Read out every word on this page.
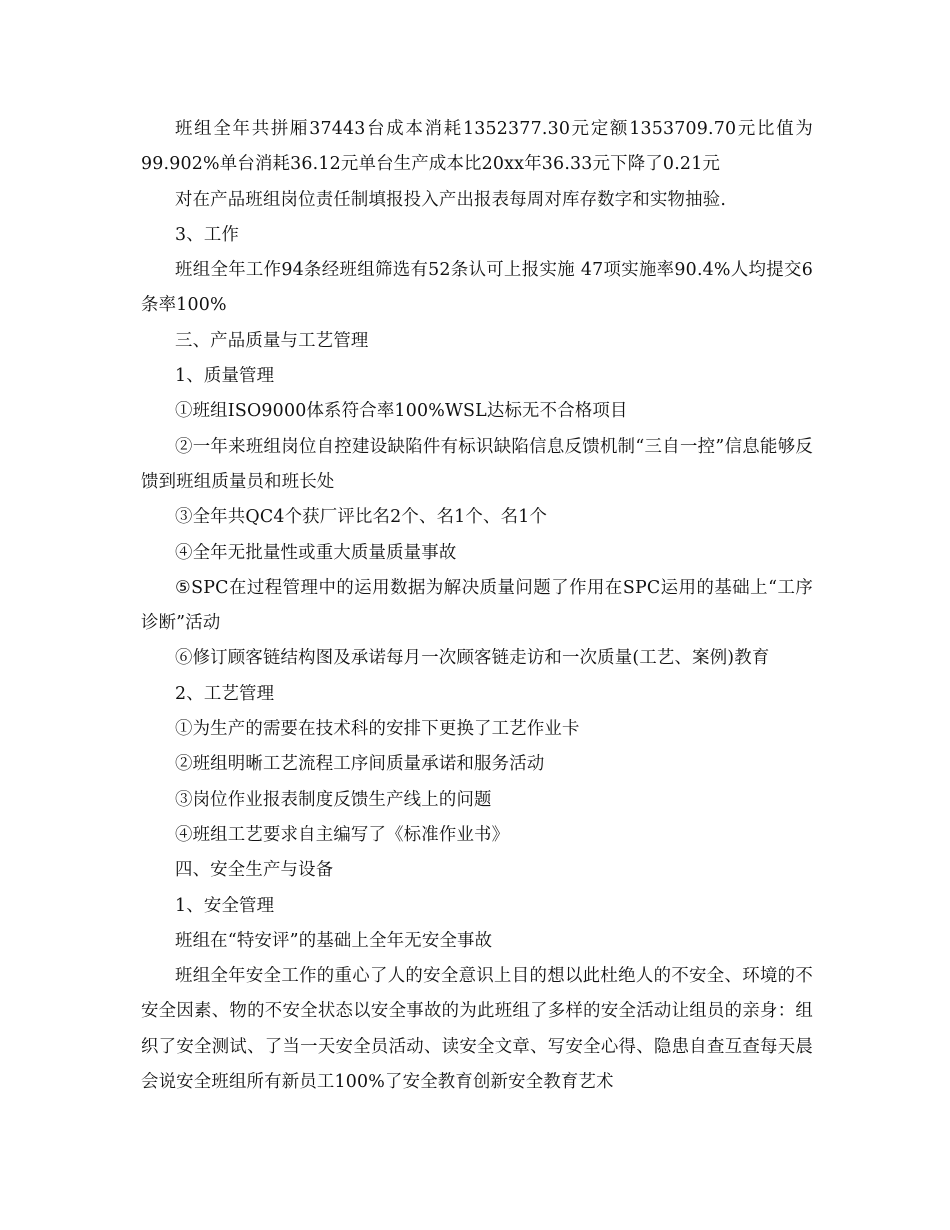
班组全年共拼厢37443台成本消耗1352377.30元定额1353709.70元比值为99.902%单台消耗36.12元单台生产成本比20xx年36.33元下降了0.21元

对在产品班组岗位责任制填报投入产出报表每周对库存数字和实物抽验.

3、工作

班组全年工作94条经班组筛选有52条认可上报实施 47项实施率90.4%人均提交6条率100%

三、产品质量与工艺管理

1、质量管理

①班组ISO9000体系符合率100%WSL达标无不合格项目

②一年来班组岗位自控建设缺陷件有标识缺陷信息反馈机制“三自一控”信息能够反馈到班组质量员和班长处

③全年共QC4个获厂评比名2个、名1个、名1个

④全年无批量性或重大质量质量事故

⑤SPC在过程管理中的运用数据为解决质量问题了作用在SPC运用的基础上“工序诊断”活动

⑥修订顾客链结构图及承诺每月一次顾客链走访和一次质量(工艺、案例)教育

2、工艺管理

①为生产的需要在技术科的安排下更换了工艺作业卡

②班组明晰工艺流程工序间质量承诺和服务活动

③岗位作业报表制度反馈生产线上的问题

④班组工艺要求自主编写了《标准作业书》

四、安全生产与设备

1、安全管理

班组在“特安评”的基础上全年无安全事故

班组全年安全工作的重心了人的安全意识上目的想以此杜绝人的不安全、环境的不安全因素、物的不安全状态以安全事故的为此班组了多样的安全活动让组员的亲身：组织了安全测试、了当一天安全员活动、读安全文章、写安全心得、隐患自查互查每天晨会说安全班组所有新员工100%了安全教育创新安全教育艺术
